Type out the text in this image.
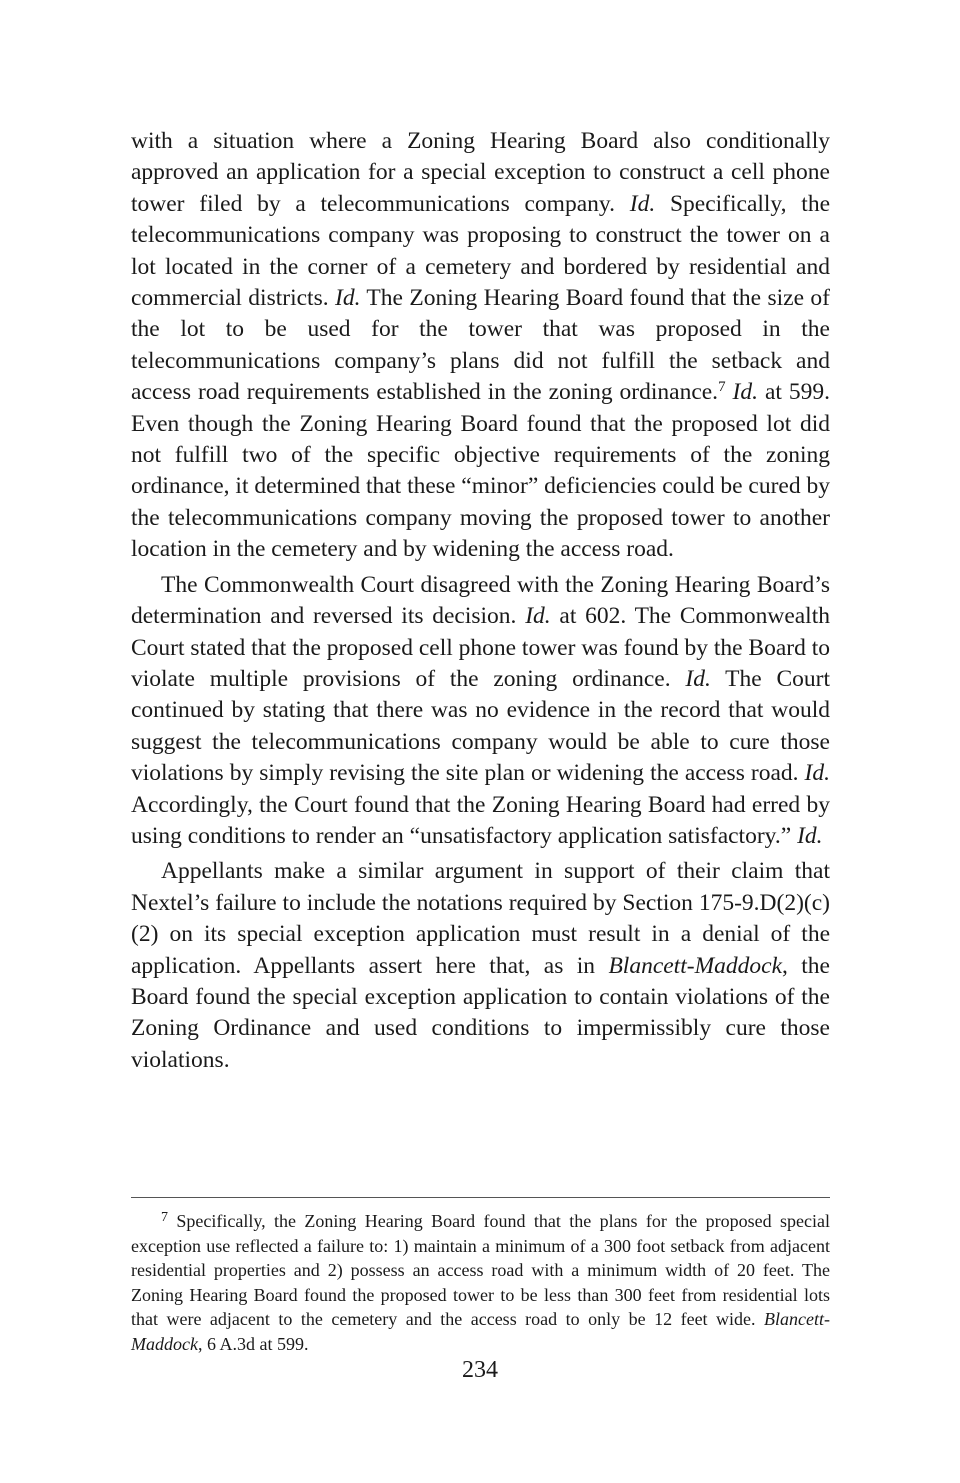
with a situation where a Zoning Hearing Board also conditionally approved an application for a special exception to construct a cell phone tower filed by a telecommunications company. Id. Specifically, the telecommunications company was proposing to construct the tower on a lot located in the corner of a cemetery and bordered by residential and commercial districts. Id. The Zoning Hearing Board found that the size of the lot to be used for the tower that was proposed in the telecommunications company’s plans did not fulfill the setback and access road requirements established in the zoning ordinance.$^7$ Id. at 599. Even though the Zoning Hearing Board found that the proposed lot did not fulfill two of the specific objective requirements of the zoning ordinance, it determined that these “minor” deficiencies could be cured by the telecommunications company moving the proposed tower to another location in the cemetery and by widening the access road.

The Commonwealth Court disagreed with the Zoning Hearing Board’s determination and reversed its decision. Id. at 602. The Commonwealth Court stated that the proposed cell phone tower was found by the Board to violate multiple provisions of the zoning ordinance. Id. The Court continued by stating that there was no evidence in the record that would suggest the telecommunications company would be able to cure those violations by simply revising the site plan or widening the access road. Id. Accordingly, the Court found that the Zoning Hearing Board had erred by using conditions to render an “unsatisfactory application satisfactory.” Id.

Appellants make a similar argument in support of their claim that Nextel’s failure to include the notations required by Section 175-9.D(2)(c)(2) on its special exception application must result in a denial of the application. Appellants assert here that, as in Blancett-Maddock, the Board found the special exception application to contain violations of the Zoning Ordinance and used conditions to impermissibly cure those violations.

$^7$ Specifically, the Zoning Hearing Board found that the plans for the proposed special exception use reflected a failure to: 1) maintain a minimum of a 300 foot setback from adjacent residential properties and 2) possess an access road with a minimum width of 20 feet. The Zoning Hearing Board found the proposed tower to be less than 300 feet from residential lots that were adjacent to the cemetery and the access road to only be 12 feet wide. Blancett-Maddock, 6 A.3d at 599.

234
